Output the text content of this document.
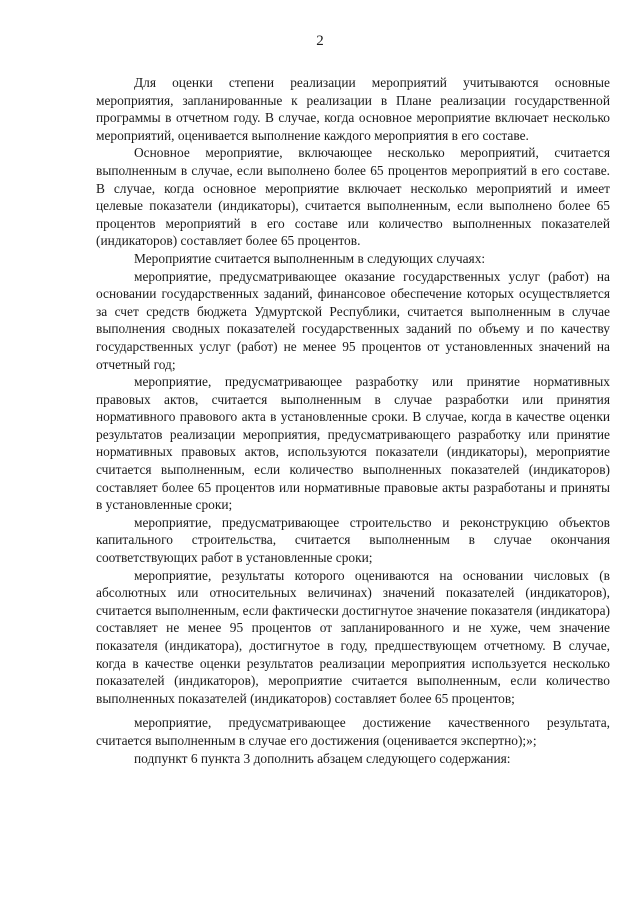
2

Для оценки степени реализации мероприятий учитываются основные мероприятия, запланированные к реализации в Плане реализации государственной программы в отчетном году. В случае, когда основное мероприятие включает несколько мероприятий, оценивается выполнение каждого мероприятия в его составе.

Основное мероприятие, включающее несколько мероприятий, считается выполненным в случае, если выполнено более 65 процентов мероприятий в его составе. В случае, когда основное мероприятие включает несколько мероприятий и имеет целевые показатели (индикаторы), считается выполненным, если выполнено более 65 процентов мероприятий в его составе или количество выполненных показателей (индикаторов) составляет более 65 процентов.

Мероприятие считается выполненным в следующих случаях:

мероприятие, предусматривающее оказание государственных услуг (работ) на основании государственных заданий, финансовое обеспечение которых осуществляется за счет средств бюджета Удмуртской Республики, считается выполненным в случае выполнения сводных показателей государственных заданий по объему и по качеству государственных услуг (работ) не менее 95 процентов от установленных значений на отчетный год;

мероприятие, предусматривающее разработку или принятие нормативных правовых актов, считается выполненным в случае разработки или принятия нормативного правового акта в установленные сроки. В случае, когда в качестве оценки результатов реализации мероприятия, предусматривающего разработку или принятие нормативных правовых актов, используются показатели (индикаторы), мероприятие считается выполненным, если количество выполненных показателей (индикаторов) составляет более 65 процентов или нормативные правовые акты разработаны и приняты в установленные сроки;

мероприятие, предусматривающее строительство и реконструкцию объектов капитального строительства, считается выполненным в случае окончания соответствующих работ в установленные сроки;

мероприятие, результаты которого оцениваются на основании числовых (в абсолютных или относительных величинах) значений показателей (индикаторов), считается выполненным, если фактически достигнутое значение показателя (индикатора) составляет не менее 95 процентов от запланированного и не хуже, чем значение показателя (индикатора), достигнутое в году, предшествующем отчетному. В случае, когда в качестве оценки результатов реализации мероприятия используется несколько показателей (индикаторов), мероприятие считается выполненным, если количество выполненных показателей (индикаторов) составляет более 65 процентов;

мероприятие, предусматривающее достижение качественного результата, считается выполненным в случае его достижения (оценивается экспертно);»;

подпункт 6 пункта 3 дополнить абзацем следующего содержания:
